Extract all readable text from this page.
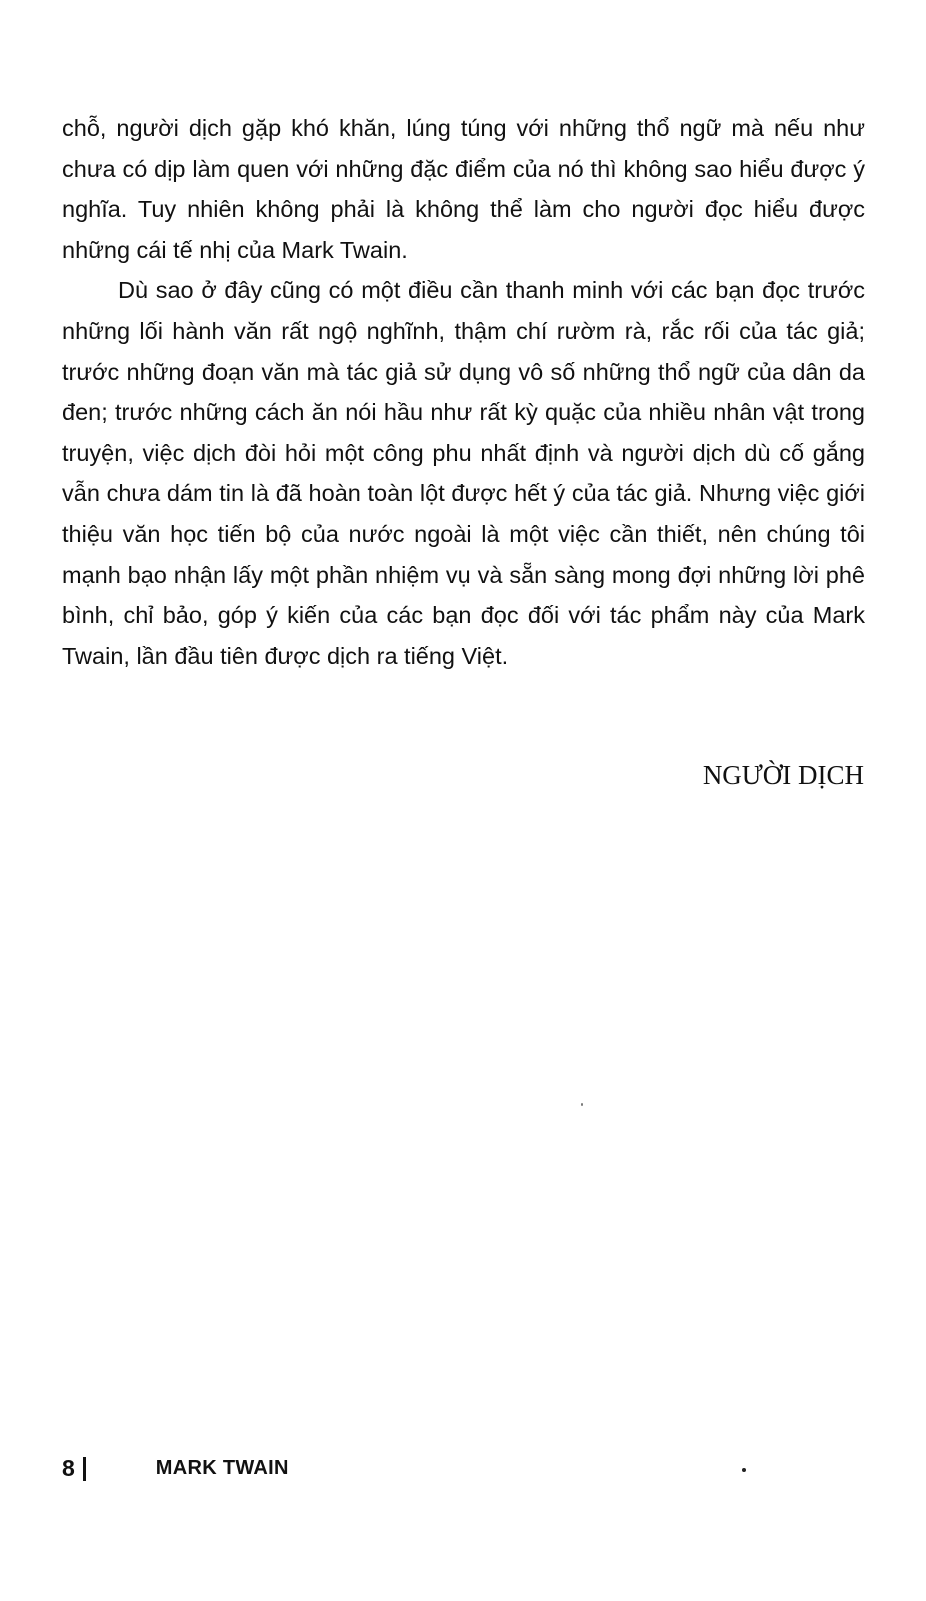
chỗ, người dịch gặp khó khăn, lúng túng với những thổ ngữ mà nếu như chưa có dịp làm quen với những đặc điểm của nó thì không sao hiểu được ý nghĩa. Tuy nhiên không phải là không thể làm cho người đọc hiểu được những cái tế nhị của Mark Twain.

Dù sao ở đây cũng có một điều cần thanh minh với các bạn đọc trước những lối hành văn rất ngộ nghĩnh, thậm chí rườm rà, rắc rối của tác giả; trước những đoạn văn mà tác giả sử dụng vô số những thổ ngữ của dân da đen; trước những cách ăn nói hầu như rất kỳ quặc của nhiều nhân vật trong truyện, việc dịch đòi hỏi một công phu nhất định và người dịch dù cố gắng vẫn chưa dám tin là đã hoàn toàn lột được hết ý của tác giả. Nhưng việc giới thiệu văn học tiến bộ của nước ngoài là một việc cần thiết, nên chúng tôi mạnh bạo nhận lấy một phần nhiệm vụ và sẵn sàng mong đợi những lời phê bình, chỉ bảo, góp ý kiến của các bạn đọc đối với tác phẩm này của Mark Twain, lần đầu tiên được dịch ra tiếng Việt.

NGƯỜI DỊCH
8	MARK TWAIN
